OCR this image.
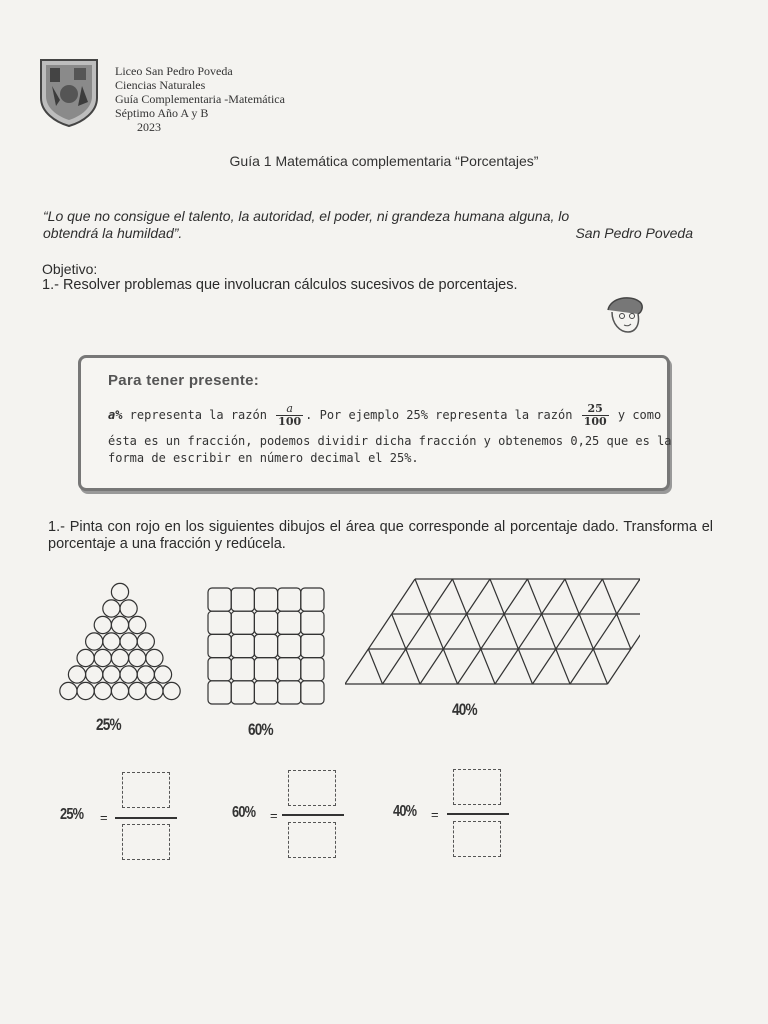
Liceo San Pedro Poveda
Ciencias Naturales
Guía Complementaria -Matemática
Séptimo Año A y B
2023
Guía 1 Matemática complementaria “Porcentajes”
“Lo que no consigue el talento, la autoridad, el poder, ni grandeza humana alguna, lo
obtendrá la humildad”.	San Pedro Poveda
Objetivo:
1.- Resolver problemas que involucran cálculos sucesivos de porcentajes.
Para tener presente:
a% representa la razón $\frac{a}{100}$ . Por ejemplo 25% representa la razón $\frac{25}{100}$ y como
ésta es un fracción, podemos dividir dicha fracción y obtenemos 0,25 que es la
forma de escribir en número decimal el 25%.
1.- Pinta con rojo en los siguientes dibujos el área que corresponde al porcentaje dado. Transforma el porcentaje a una fracción y redúcela.
25%	60%
40%
25% =	60% =	40% =
